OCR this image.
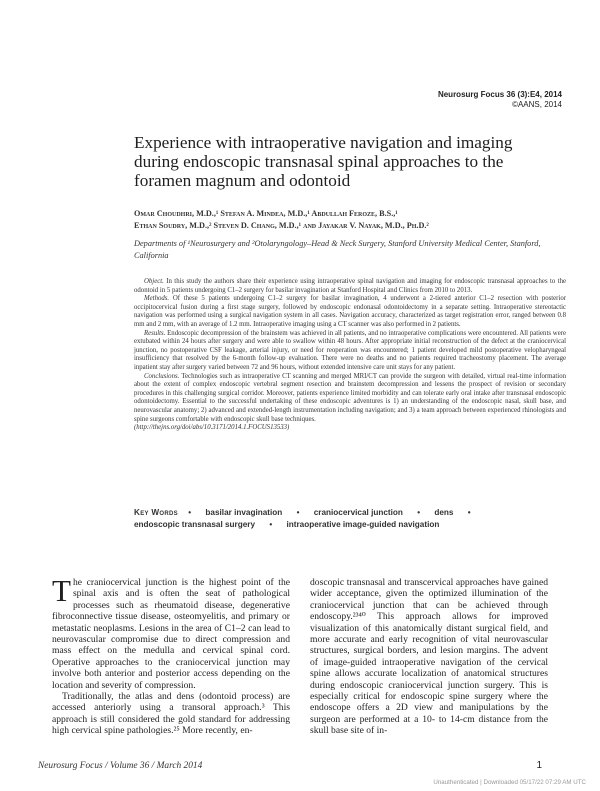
Neurosurg Focus 36 (3):E4, 2014
©AANS, 2014
Experience with intraoperative navigation and imaging during endoscopic transnasal spinal approaches to the foramen magnum and odontoid
Omar Choudhri, M.D.,¹ Stefan A. Mindea, M.D.,¹ Abdullah Feroze, B.S.,¹
Ethan Soudry, M.D.,² Steven D. Chang, M.D.,¹ and Jayakar V. Nayak, M.D., Ph.D.²
Departments of ¹Neurosurgery and ²Otolaryngology–Head & Neck Surgery, Stanford University Medical Center, Stanford, California

Object. In this study the authors share their experience using intraoperative spinal navigation and imaging for endoscopic transnasal approaches to the odontoid in 5 patients undergoing C1–2 surgery for basilar invagination at Stanford Hospital and Clinics from 2010 to 2013.

Methods. Of these 5 patients undergoing C1–2 surgery for basilar invagination, 4 underwent a 2-tiered anterior C1–2 resection with posterior occipitocervical fusion during a first stage surgery, followed by endoscopic endonasal odontoidectomy in a separate setting. Intraoperative stereotactic navigation was performed using a surgical navigation system in all cases. Navigation accuracy, characterized as target registration error, ranged between 0.8 mm and 2 mm, with an average of 1.2 mm. Intraoperative imaging using a CT scanner was also performed in 2 patients.

Results. Endoscopic decompression of the brainstem was achieved in all patients, and no intraoperative complications were encountered. All patients were extubated within 24 hours after surgery and were able to swallow within 48 hours. After appropriate initial reconstruction of the defect at the craniocervical junction, no postoperative CSF leakage, arterial injury, or need for reoperation was encountered; 1 patient developed mild postoperative velopharyngeal insufficiency that resolved by the 6-month follow-up evaluation. There were no deaths and no patients required tracheostomy placement. The average inpatient stay after surgery varied between 72 and 96 hours, without extended intensive care unit stays for any patient.

Conclusions. Technologies such as intraoperative CT scanning and merged MRI/CT can provide the surgeon with detailed, virtual real-time information about the extent of complex endoscopic vertebral segment resection and brainstem decompression and lessens the prospect of revision or secondary procedures in this challenging surgical corridor. Moreover, patients experience limited morbidity and can tolerate early oral intake after transnasal endoscopic odontoidectomy. Essential to the successful undertaking of these endoscopic adventures is 1) an understanding of the endoscopic nasal, skull base, and neurovascular anatomy; 2) advanced and extended-length instrumentation including navigation; and 3) a team approach between experienced rhinologists and spine surgeons comfortable with endoscopic skull base techniques.

(http://thejns.org/doi/abs/10.3171/2014.1.FOCUS13533)

Key Words • basilar invagination • craniocervical junction • dens •
endoscopic transnasal surgery • intraoperative image-guided navigation

The craniocervical junction is the highest point of the spinal axis and is often the seat of pathological processes such as rheumatoid disease, degenerative fibroconnective tissue disease, osteomyelitis, and primary or metastatic neoplasms. Lesions in the area of C1–2 can lead to neurovascular compromise due to direct compression and mass effect on the medulla and cervical spinal cord. Operative approaches to the craniocervical junction may involve both anterior and posterior access depending on the location and severity of compression.

Traditionally, the atlas and dens (odontoid process) are accessed anteriorly using a transoral approach.³ This approach is still considered the gold standard for addressing high cervical spine pathologies.²⁵ More recently, en-

doscopic transnasal and transcervical approaches have gained wider acceptance, given the optimized illumination of the craniocervical junction that can be achieved through endoscopy.²³⁴⁰ This approach allows for improved visualization of this anatomically distant surgical field, and more accurate and early recognition of vital neurovascular structures, surgical borders, and lesion margins. The advent of image-guided intraoperative navigation of the cervical spine allows accurate localization of anatomical structures during endoscopic craniocervical junction surgery. This is especially critical for endoscopic spine surgery where the endoscope offers a 2D view and manipulations by the surgeon are performed at a 10- to 14-cm distance from the skull base site of in-

Neurosurg Focus / Volume 36 / March 2014	1
Unauthenticated | Downloaded 05/17/22 07:29 AM UTC
